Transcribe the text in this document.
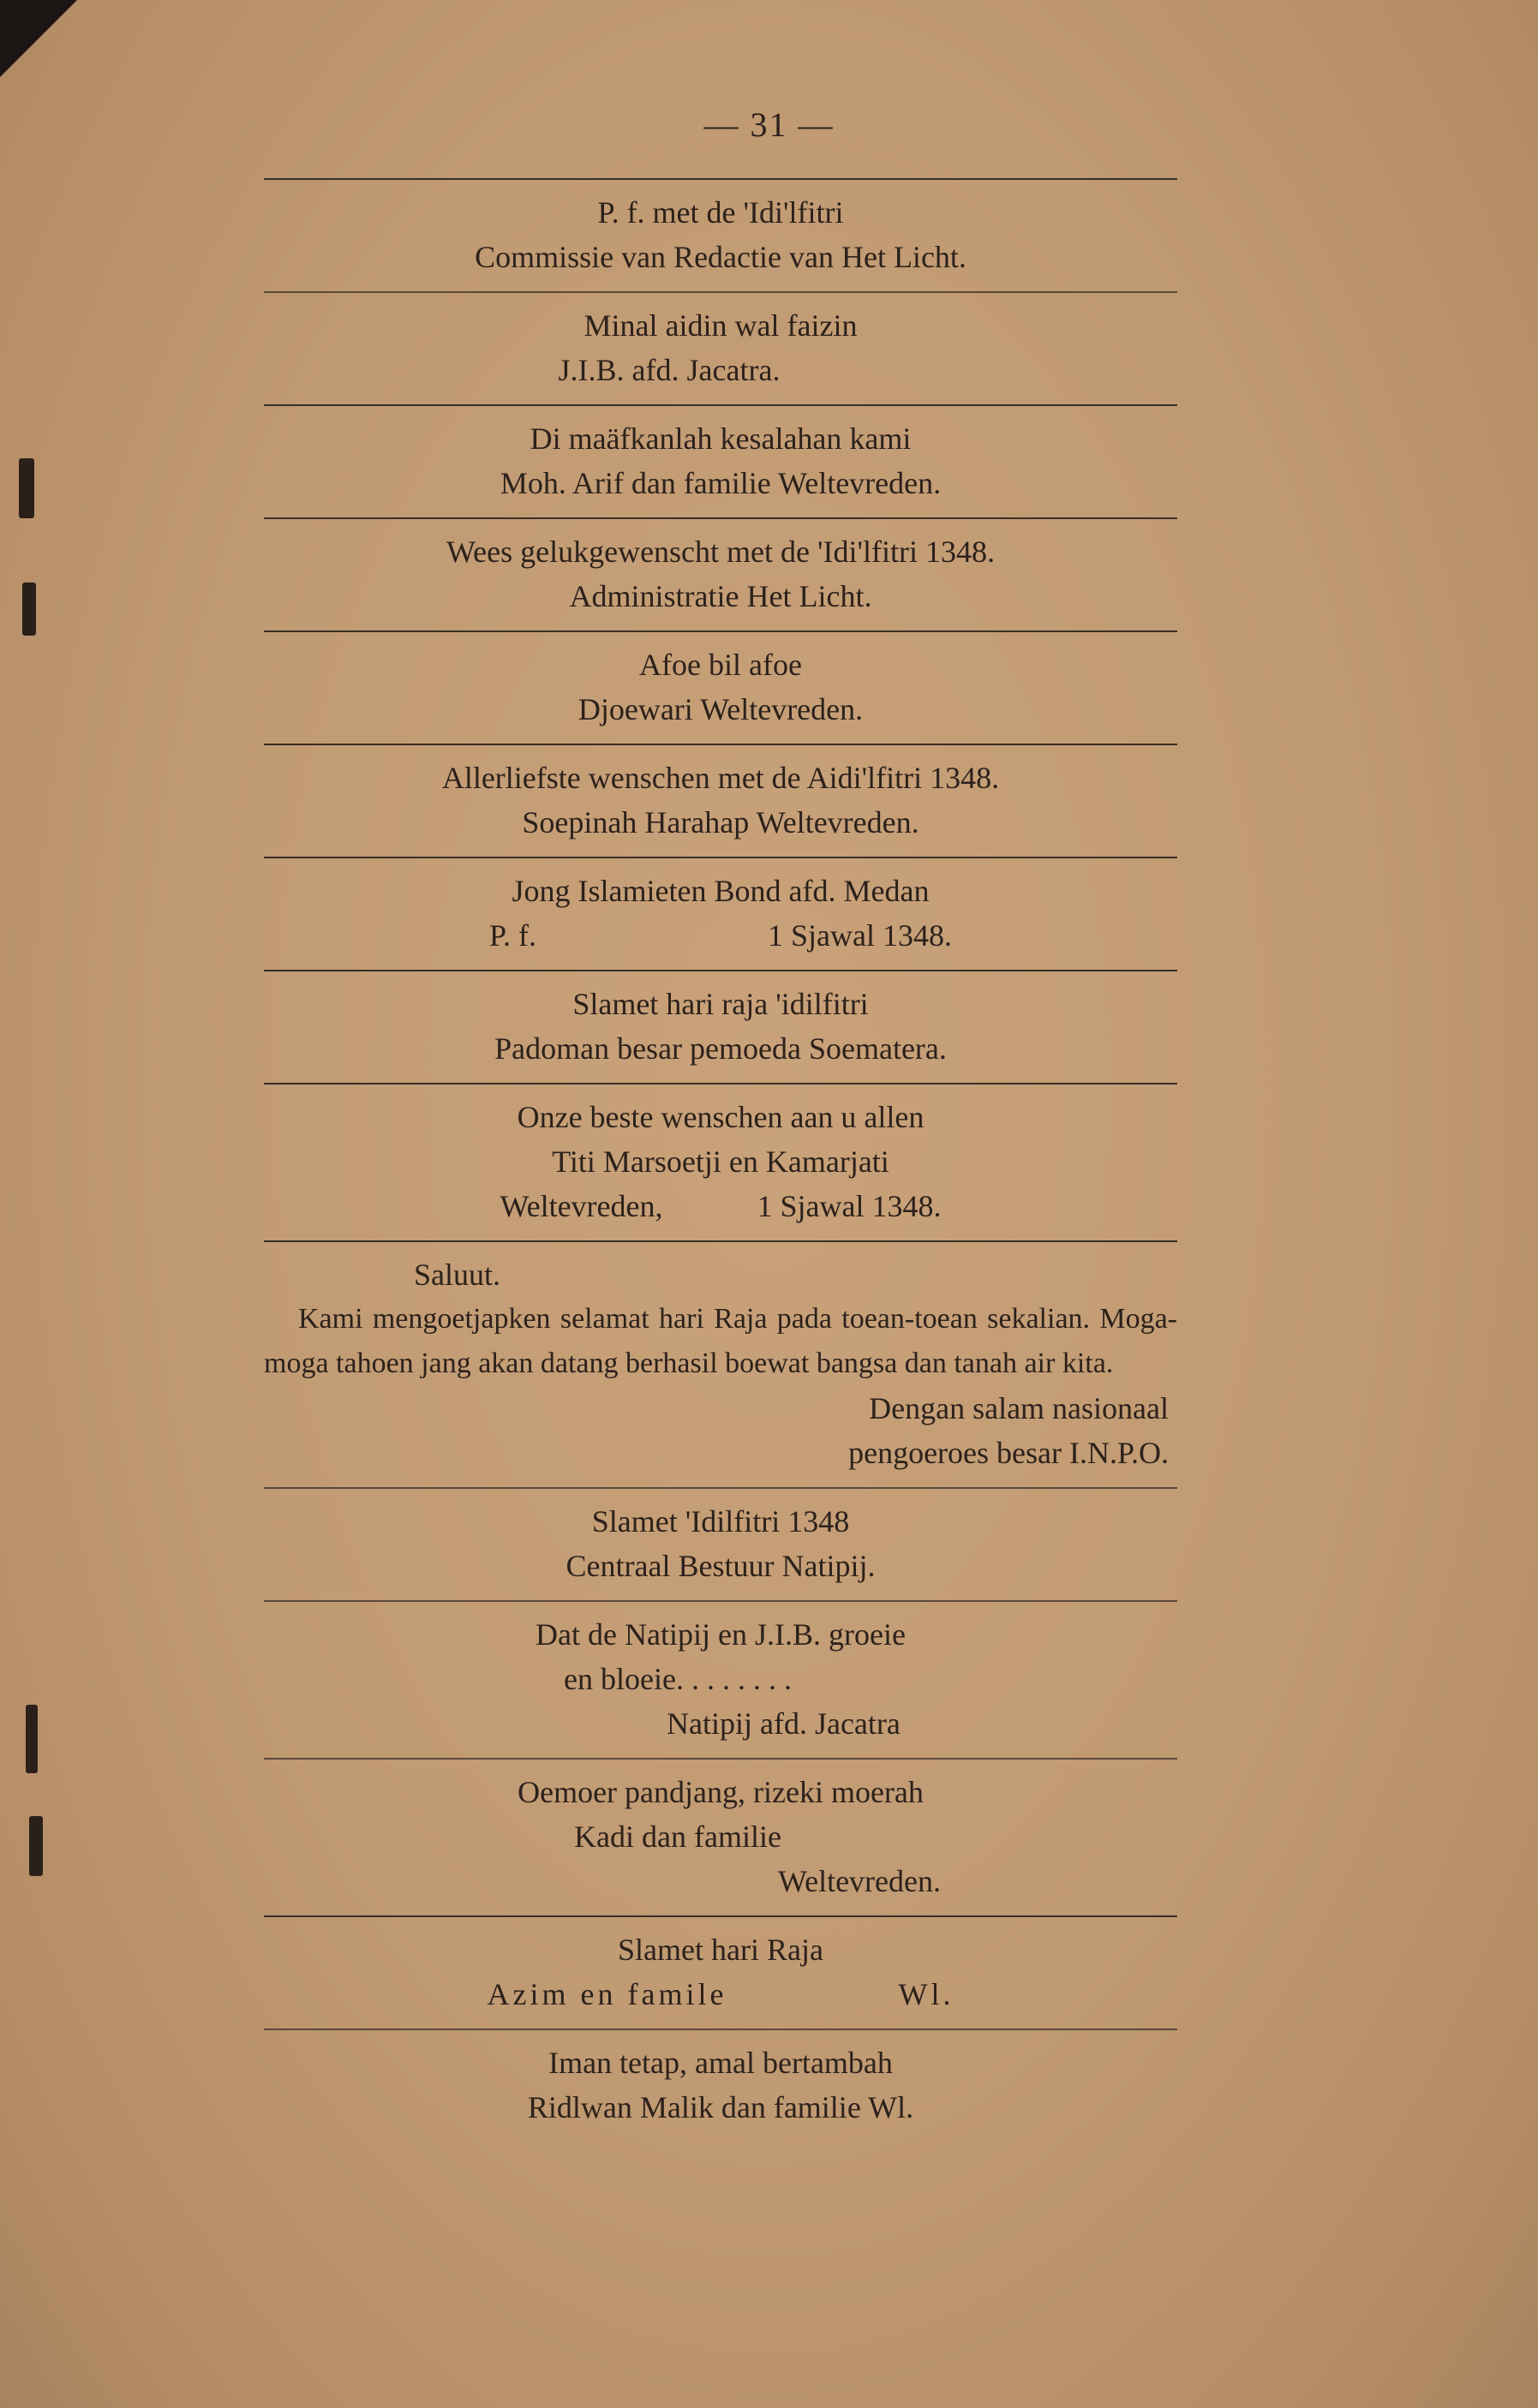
— 31 —
P. f. met de 'Idi'lfitri
Commissie van Redactie van Het Licht.
Minal aidin wal faizin
J.I.B. afd. Jacatra.
Di maäfkanlah kesalahan kami
Moh. Arif dan familie Weltevreden.
Wees gelukgewenscht met de 'Idi'lfitri 1348.
Administratie Het Licht.
Afoe bil afoe
Djoewari Weltevreden.
Allerliefste wenschen met de Aidi'lfitri 1348.
Soepinah Harahap Weltevreden.
Jong Islamieten Bond afd. Medan
P. f.	1 Sjawal 1348.
Slamet hari raja 'idilfitri
Padoman besar pemoeda Soematera.
Onze beste wenschen aan u allen
Titi Marsoetji en Kamarjati
Weltevreden,	1 Sjawal 1348.
Saluut.

Kami mengoetjapken selamat hari Raja pada toean-toean sekalian. Moga-moga tahoen jang akan datang berhasil boewat bangsa dan tanah air kita.

Dengan salam nasionaal
pengoeroes besar I.N.P.O.
Slamet 'Idilfitri 1348
Centraal Bestuur Natipij.
Dat de Natipij en J.I.B. groeie
en bloeie. . . . . . . .
Natipij afd. Jacatra
Oemoer pandjang, rizeki moerah
Kadi dan familie
Weltevreden.
Slamet hari Raja
Azim en famile	Wl.
Iman tetap, amal bertambah
Ridlwan Malik dan familie Wl.
